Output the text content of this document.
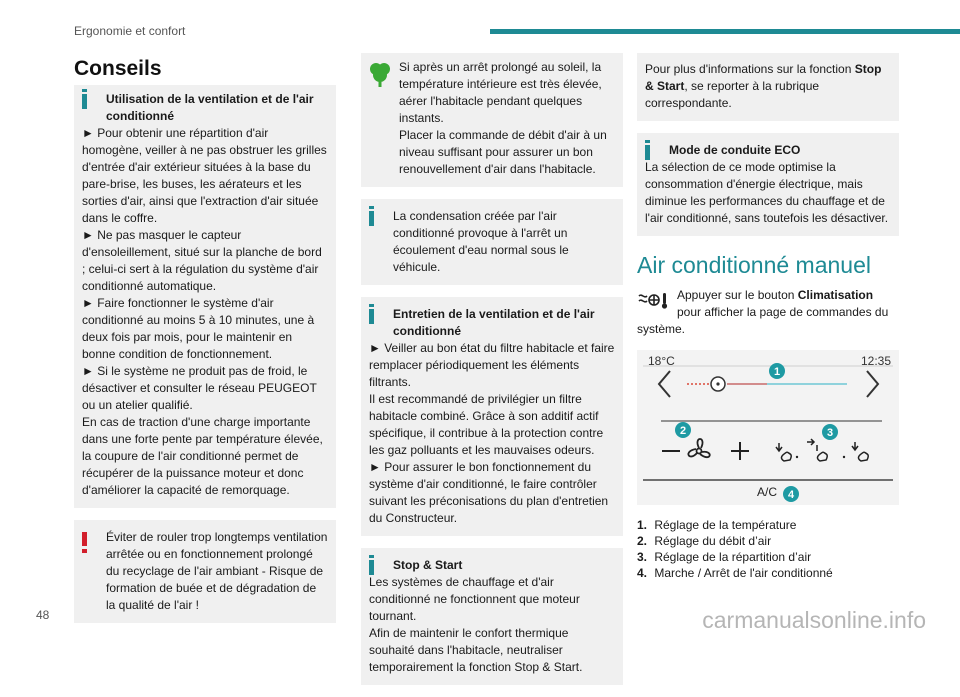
Ergonomie et confort
Conseils

Utilisation de la ventilation et de l'air conditionné

► Pour obtenir une répartition d'air homogène, veiller à ne pas obstruer les grilles d'entrée d'air extérieur situées à la base du pare-brise, les buses, les aérateurs et les sorties d'air, ainsi que l'extraction d'air située dans le coffre.
► Ne pas masquer le capteur d'ensoleillement, situé sur la planche de bord ; celui-ci sert à la régulation du système d'air conditionné automatique.
► Faire fonctionner le système d'air conditionné au moins 5 à 10 minutes, une à deux fois par mois, pour le maintenir en bonne condition de fonctionnement.
► Si le système ne produit pas de froid, le désactiver et consulter le réseau PEUGEOT ou un atelier qualifié.
En cas de traction d'une charge importante dans une forte pente par température élevée, la coupure de l'air conditionné permet de récupérer de la puissance moteur et donc d'améliorer la capacité de remorquage.

Éviter de rouler trop longtemps ventilation arrêtée ou en fonctionnement prolongé du recyclage de l'air ambiant - Risque de formation de buée et de dégradation de la qualité de l'air !

Si après un arrêt prolongé au soleil, la température intérieure est très élevée, aérer l'habitacle pendant quelques instants.
Placer la commande de débit d'air à un niveau suffisant pour assurer un bon renouvellement d'air dans l'habitacle.

La condensation créée par l'air conditionné provoque à l'arrêt un écoulement d'eau normal sous le véhicule.

Entretien de la ventilation et de l'air conditionné

► Veiller au bon état du filtre habitacle et faire remplacer périodiquement les éléments filtrants.
Il est recommandé de privilégier un filtre habitacle combiné. Grâce à son additif actif spécifique, il contribue à la protection contre les gaz polluants et les mauvaises odeurs.
► Pour assurer le bon fonctionnement du système d'air conditionné, le faire contrôler suivant les préconisations du plan d'entretien du Constructeur.

Stop & Start

Les systèmes de chauffage et d'air conditionné ne fonctionnent que moteur tournant.
Afin de maintenir le confort thermique souhaité dans l'habitacle, neutraliser temporairement la fonction Stop & Start.

Pour plus d'informations sur la fonction Stop & Start, se reporter à la rubrique correspondante.

Mode de conduite ECO

La sélection de ce mode optimise la consommation d'énergie électrique, mais diminue les performances du chauffage et de l'air conditionné, sans toutefois les désactiver.

Air conditionné manuel
Appuyer sur le bouton Climatisation pour afficher la page de commandes du système.
18°C	12:35
1
2	3
4
A/C
1. Réglage de la température
2. Réglage du débit d’air
3. Réglage de la répartition d’air
4. Marche / Arrêt de l'air conditionné
48	carmanualsonline.info
